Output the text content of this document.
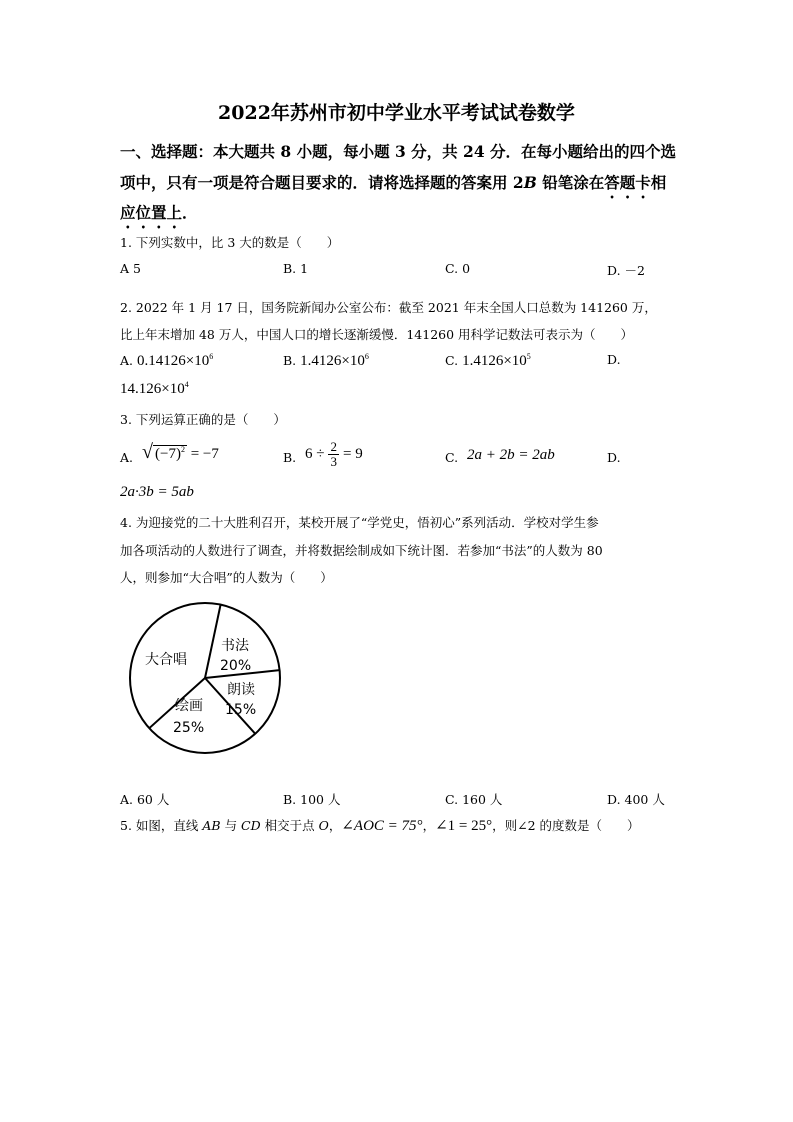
2022年苏州市初中学业水平考试试卷数学
一、选择题：本大题共 8 小题，每小题 3 分，共 24 分．在每小题给出的四个选
项中，只有一项是符合题目要求的．请将选择题的答案用 2B 铅笔涂在答题卡相
应位置上．
1. 下列实数中，比 3 大的数是（　　）
A 5	B. 1	C. 0	D. －2
2. 2022 年 1 月 17 日，国务院新闻办公室公布：截至 2021 年末全国人口总数为 141260 万，
比上年末增加 48 万人，中国人口的增长逐渐缓慢．141260 用科学记数法可表示为（　　）
A. $0.14126\times 10^6$	B. $1.4126\times 10^6$	C. $1.4126\times 10^5$	D.
$14.126\times 10^4$
3. 下列运算正确的是（　　）
A. √ $(-7)^2 = -7$	B. $6 \div \frac{2}{3} = 9$	C. 2a + 2b = 2ab	D.
2a·3b = 5ab
4. 为迎接党的二十大胜利召开，某校开展了“学党史，悟初心”系列活动．学校对学生参
加各项活动的人数进行了调查，并将数据绘制成如下统计图．若参加“书法”的人数为 80
人，则参加“大合唱”的人数为（　　）
大合唱
书法
20%
朗读
15%
绘画
25%
A. 60 人	B. 100 人	C. 160 人	D. 400 人
5. 如图，直线 AB 与 CD 相交于点 O，∠AOC = 75°，∠1 = 25°，则∠2 的度数是（　　）
